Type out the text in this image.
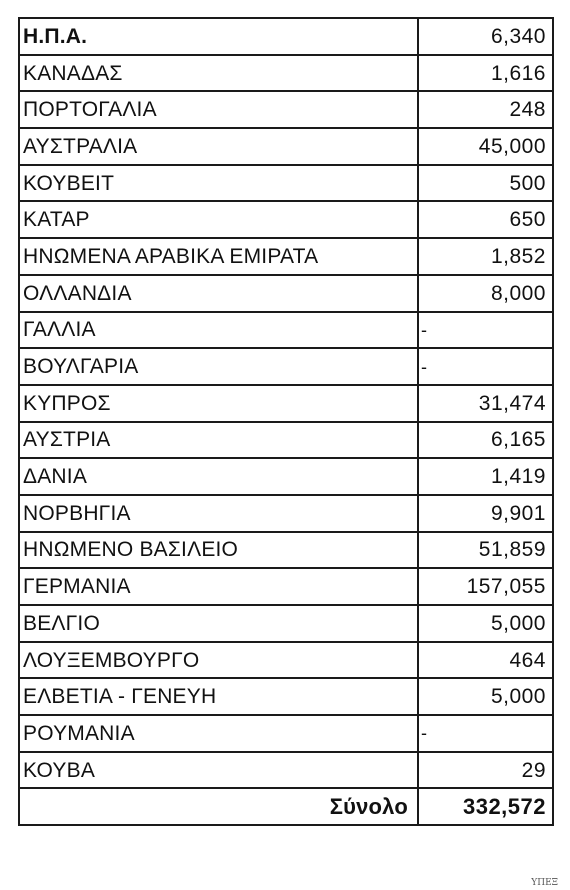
Η.Π.Α.	6,340
ΚΑΝΑΔΑΣ	1,616
ΠΟΡΤΟΓΑΛΙΑ	248
ΑΥΣΤΡΑΛΙΑ	45,000
ΚΟΥΒΕΙΤ	500
ΚΑΤΑΡ	650
ΗΝΩΜΕΝΑ ΑΡΑΒΙΚΑ ΕΜΙΡΑΤΑ	1,852
ΟΛΛΑΝΔΙΑ	8,000
ΓΑΛΛΙΑ	-
ΒΟΥΛΓΑΡΙΑ	-
ΚΥΠΡΟΣ	31,474
ΑΥΣΤΡΙΑ	6,165
ΔΑΝΙΑ	1,419
ΝΟΡΒΗΓΙΑ	9,901
ΗΝΩΜΕΝΟ ΒΑΣΙΛΕΙΟ	51,859
ΓΕΡΜΑΝΙΑ	157,055
ΒΕΛΓΙΟ	5,000
ΛΟΥΞΕΜΒΟΥΡΓΟ	464
ΕΛΒΕΤΙΑ - ΓΕΝΕΥΗ	5,000
ΡΟΥΜΑΝΙΑ	-
ΚΟΥΒΑ	29
Σύνολο	332,572
ΥΠΕΞ
